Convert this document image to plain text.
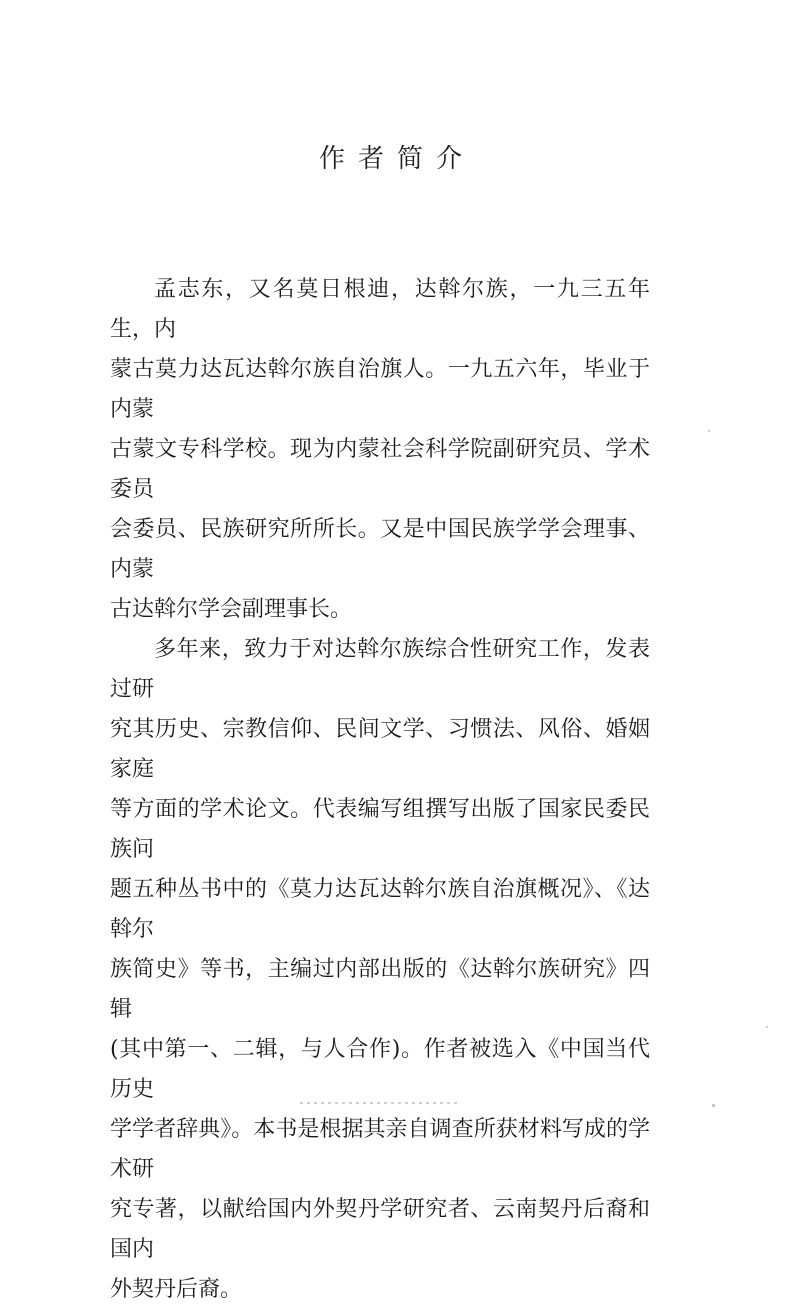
作者简介

孟志东，又名莫日根迪，达斡尔族，一九三五年生，内
蒙古莫力达瓦达斡尔族自治旗人。一九五六年，毕业于内蒙
古蒙文专科学校。现为内蒙社会科学院副研究员、学术委员
会委员、民族研究所所长。又是中国民族学学会理事、内蒙
古达斡尔学会副理事长。

多年来，致力于对达斡尔族综合性研究工作，发表过研
究其历史、宗教信仰、民间文学、习惯法、风俗、婚姻家庭
等方面的学术论文。代表编写组撰写出版了国家民委民族问
题五种丛书中的《莫力达瓦达斡尔族自治旗概况》、《达斡尔
族简史》等书，主编过内部出版的《达斡尔族研究》四辑
(其中第一、二辑，与人合作)。作者被选入《中国当代历史
学学者辞典》。本书是根据其亲自调查所获材料写成的学术研
究专著，以献给国内外契丹学研究者、云南契丹后裔和国内
外契丹后裔。
